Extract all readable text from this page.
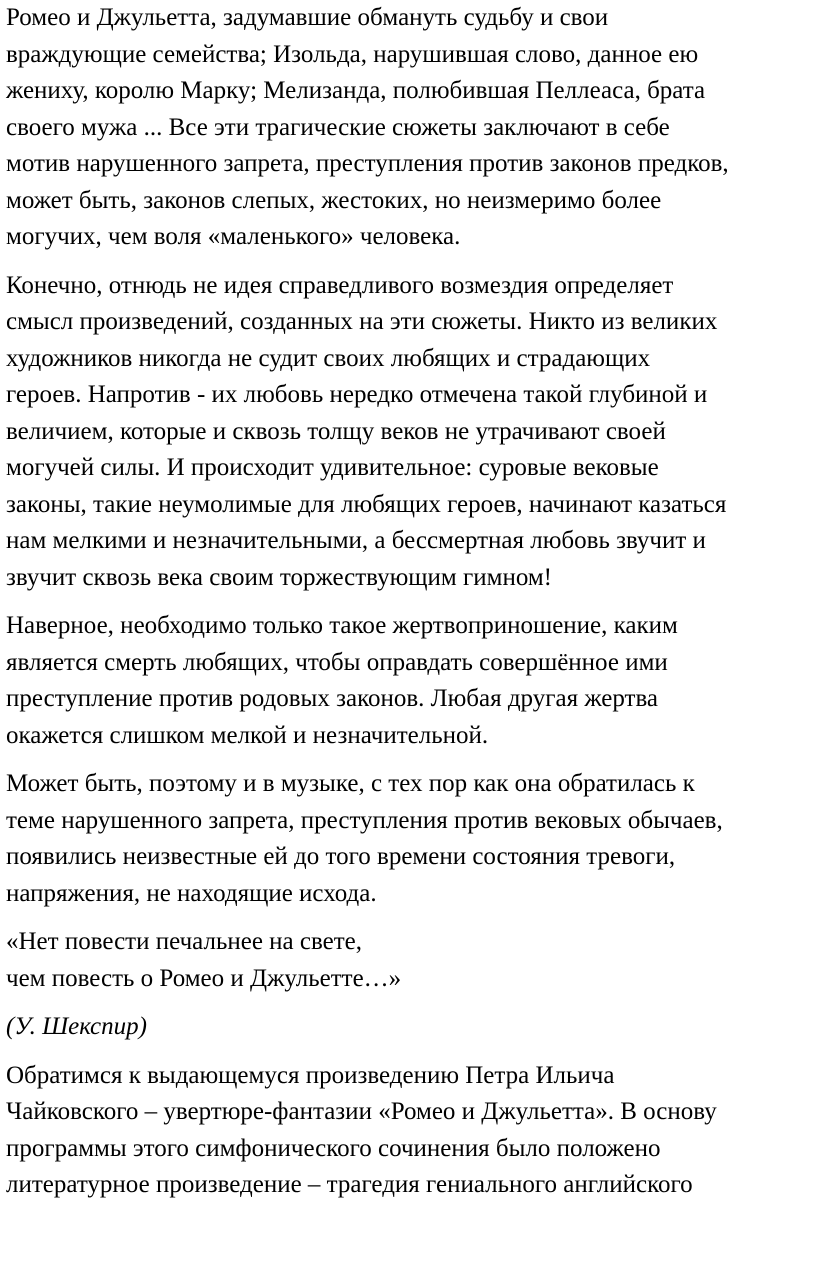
Ромео и Джульетта, задумавшие обмануть судьбу и свои
враждующие семейства; Изольда, нарушившая слово, данное ею
жениху, королю Марку; Мелизанда, полюбившая Пеллеаса, брата
своего мужа ... Все эти трагические сюжеты заключают в себе
мотив нарушенного запрета, преступления против законов предков,
может быть, законов слепых, жестоких, но неизмеримо более
могучих, чем воля «маленького» человека.

Конечно, отнюдь не идея справедливого возмездия определяет
смысл произведений, созданных на эти сюжеты. Никто из великих
художников никогда не судит своих любящих и страдающих
героев. Напротив - их любовь нередко отмечена такой глубиной и
величием, которые и сквозь толщу веков не утрачивают своей
могучей силы. И происходит удивительное: суровые вековые
законы, такие неумолимые для любящих героев, начинают казаться
нам мелкими и незначительными, а бессмертная любовь звучит и
звучит сквозь века своим торжествующим гимном!

Наверное, необходимо только такое жертвоприношение, каким
является смерть любящих, чтобы оправдать совершённое ими
преступление против родовых законов. Любая другая жертва
окажется слишком мелкой и незначительной.

Может быть, поэтому и в музыке, с тех пор как она обратилась к
теме нарушенного запрета, преступления против вековых обычаев,
появились неизвестные ей до того времени состояния тревоги,
напряжения, не находящие исхода.

«Нет повести печальнее на свете,
чем повесть о Ромео и Джульетте…»

(У. Шекспир)

Обратимся к выдающемуся произведению Петра Ильича
Чайковского – увертюре-фантазии «Ромео и Джульетта». В основу
программы этого симфонического сочинения было положено
литературное произведение – трагедия гениального английского
